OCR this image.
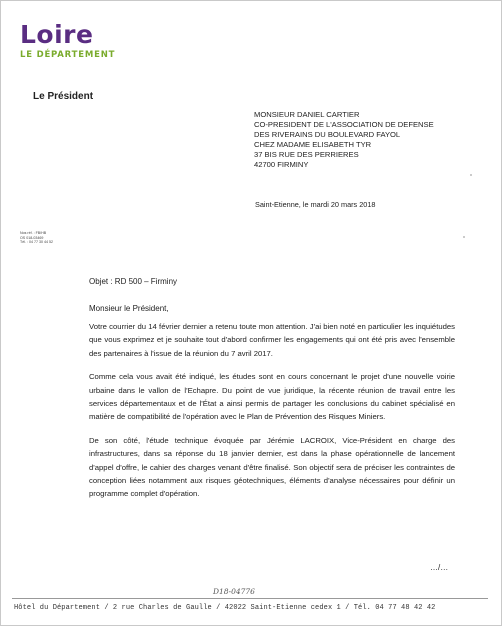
Loire
LE DÉPARTEMENT
Le Président
MONSIEUR DANIEL CARTIER
CO-PRESIDENT DE L'ASSOCIATION DE DEFENSE
DES RIVERAINS DU BOULEVARD FAYOL
CHEZ MADAME ELISABETH TYR
37 BIS RUE DES PERRIERES
42700 FIRMINY
Saint-Etienne, le mardi 20 mars 2018
Nos réf. : FB/HB
OS 018-03469
Tél. : 04 77 30 44 52
Objet : RD 500 – Firminy
Monsieur le Président,

Votre courrier du 14 février dernier a retenu toute mon attention. J'ai bien noté en particulier les inquiétudes que vous exprimez et je souhaite tout d'abord confirmer les engagements qui ont été pris avec l'ensemble des partenaires à l'issue de la réunion du 7 avril 2017.

Comme cela vous avait été indiqué, les études sont en cours concernant le projet d'une nouvelle voirie urbaine dans le vallon de l'Echapre. Du point de vue juridique, la récente réunion de travail entre les services départementaux et de l'État a ainsi permis de partager les conclusions du cabinet spécialisé en matière de compatibilité de l'opération avec le Plan de Prévention des Risques Miniers.

De son côté, l'étude technique évoquée par Jérémie LACROIX, Vice-Président en charge des infrastructures, dans sa réponse du 18 janvier dernier, est dans la phase opérationnelle de lancement d'appel d'offre, le cahier des charges venant d'être finalisé. Son objectif sera de préciser les contraintes de conception liées notamment aux risques géotechniques, éléments d'analyse nécessaires pour définir un programme complet d'opération.

…/…
D18-04776
Hôtel du Département / 2 rue Charles de Gaulle / 42022 Saint-Etienne cedex 1 / Tél. 04 77 48 42 42
